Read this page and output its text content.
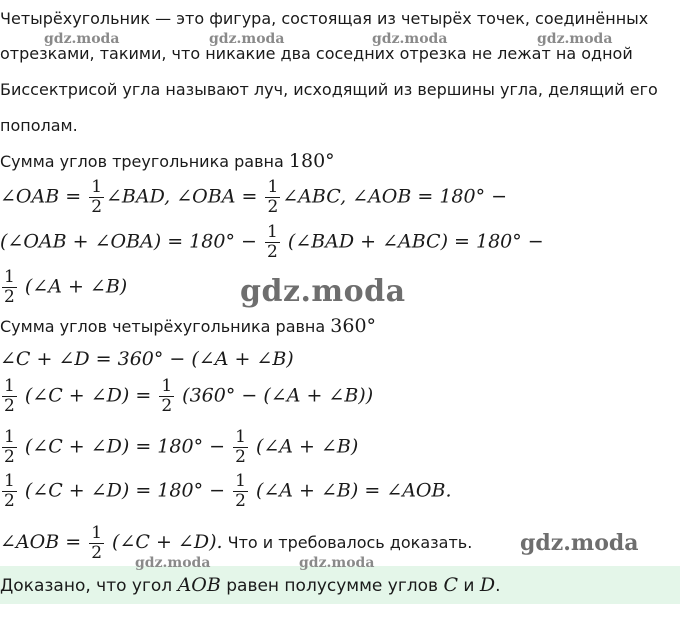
Четырёхугольник — это фигура, состоящая из четырёх точек, соединённых
отрезками, такими, что никакие два соседних отрезка не лежат на одной
Биссектрисой угла называют луч, исходящий из вершины угла, делящий его
пополам.
gdz.moda	gdz.moda	gdz.moda	gdz.moda
Сумма углов треугольника равна 180°
∠OAB = $\frac{1}{2}$ ∠BAD, ∠OBA = $\frac{1}{2}$ ∠ABC, ∠AOB = 180° −
(∠OAB + ∠OBA) = $180^\circ - \frac{1}{2}$ (∠BAD + ∠ABC) = 180° −
$\frac{1}{2}$ (∠A + ∠B)	gdz.moda
Сумма углов четырёхугольника равна 360°
∠C + ∠D = 360° − (∠A + ∠B)
$\frac{1}{2}$ (∠C + ∠D) = $\frac{1}{2} (360^\circ$ − (∠A + ∠B))
$\frac{1}{2}$ (∠C + ∠D) = $180^\circ - \frac{1}{2}$ (∠A + ∠B)
$\frac{1}{2}$ (∠C + ∠D) = $180^\circ - \frac{1}{2}$ (∠A + ∠B) = ∠AOB.
∠AOB = $\frac{1}{2}$ (∠C + ∠D). Что и требовалось доказать. gdz.moda
Доказано, что угол AOB равен полусумме углов C и D.
gdz.moda	gdz.moda
